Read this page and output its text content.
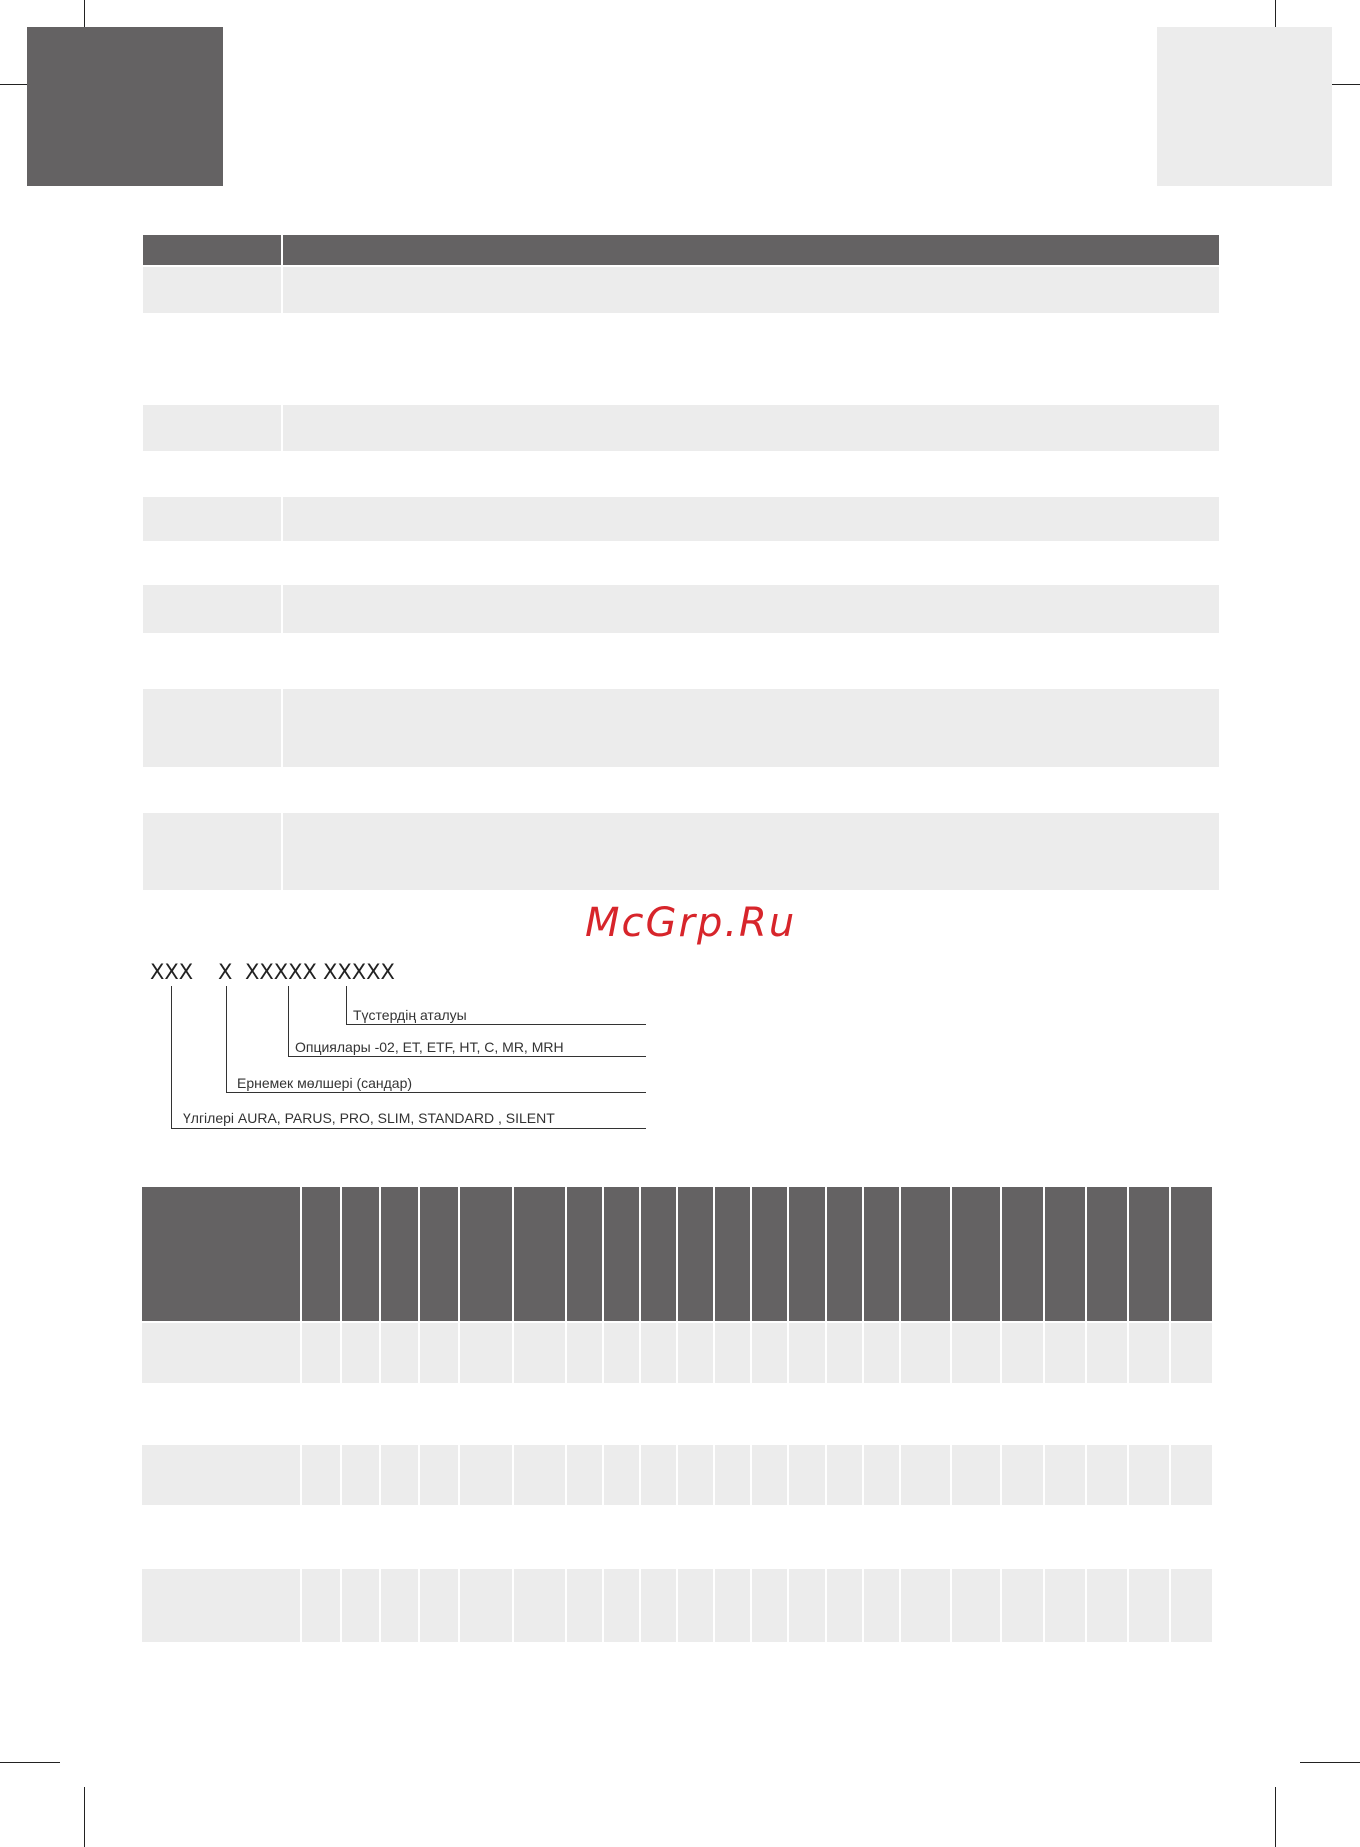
McGrp.Ru
XXX X XXXXX XXXXX
Түстердің аталуы
Опциялары -02, ET, ETF, HT, C, MR, MRH
Ернемек мөлшері (сандар)
Үлгілері AURA, PARUS, PRO, SLIM, STANDARD , SILENT
